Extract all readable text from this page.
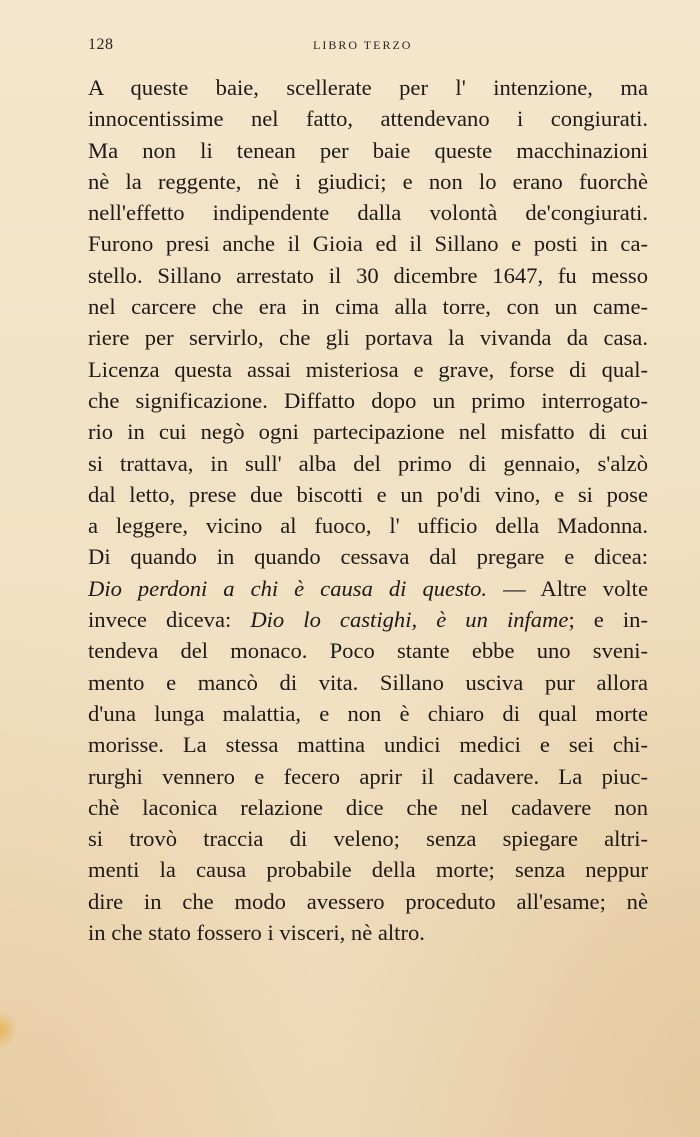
128	LIBRO TERZO
A queste baie, scellerate per l' intenzione, ma
innocentissime nel fatto, attendevano i congiurati.
Ma non li tenean per baie queste macchinazioni
nè la reggente, nè i giudici; e non lo erano fuorchè
nell'effetto indipendente dalla volontà de'congiurati.
Furono presi anche il Gioia ed il Sillano e posti in ca-
stello. Sillano arrestato il 30 dicembre 1647, fu messo
nel carcere che era in cima alla torre, con un came-
riere per servirlo, che gli portava la vivanda da casa.
Licenza questa assai misteriosa e grave, forse di qual-
che significazione. Diffatto dopo un primo interrogato-
rio in cui negò ogni partecipazione nel misfatto di cui
si trattava, in sull' alba del primo di gennaio, s'alzò
dal letto, prese due biscotti e un po'di vino, e si pose
a leggere, vicino al fuoco, l' ufficio della Madonna.
Di quando in quando cessava dal pregare e dicea:
Dio perdoni a chi è causa di questo. — Altre volte
invece diceva: Dio lo castighi, è un infame; e in-
tendeva del monaco. Poco stante ebbe uno sveni-
mento e mancò di vita. Sillano usciva pur allora
d'una lunga malattia, e non è chiaro di qual morte
morisse. La stessa mattina undici medici e sei chi-
rurghi vennero e fecero aprir il cadavere. La piuc-
chè laconica relazione dice che nel cadavere non
si trovò traccia di veleno; senza spiegare altri-
menti la causa probabile della morte; senza neppur
dire in che modo avessero proceduto all'esame; nè
in che stato fossero i visceri, nè altro.
